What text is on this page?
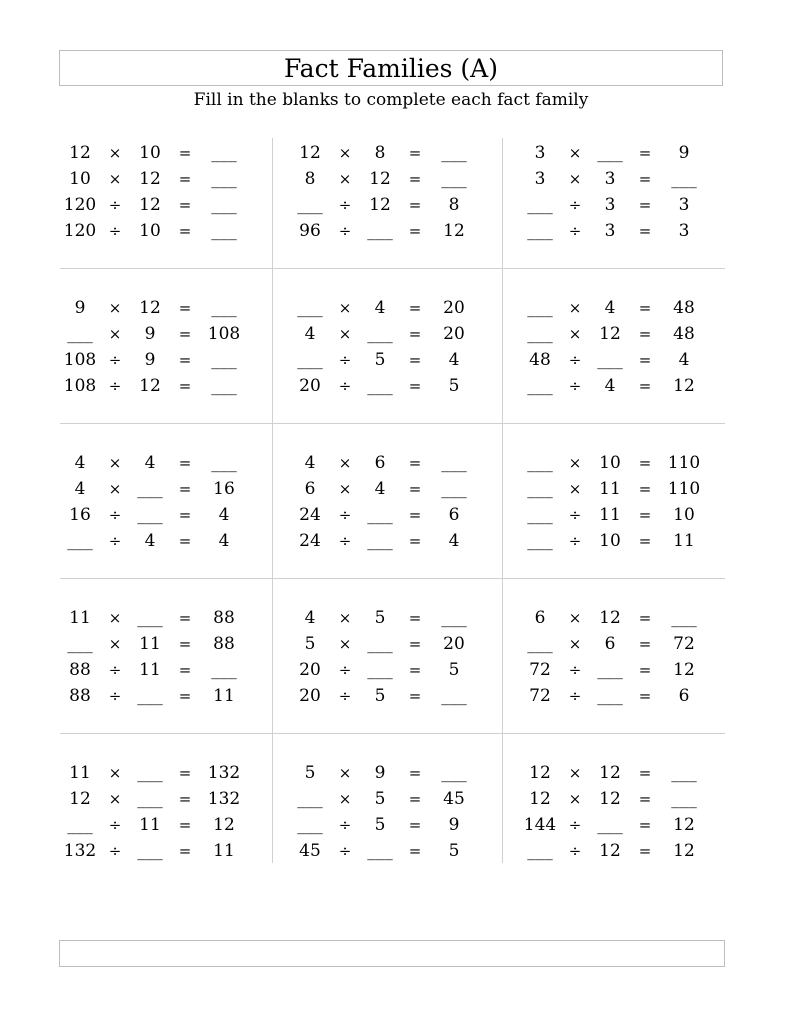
Fact Families (A)
Fill in the blanks to complete each fact family
12	×	10	=	___
10	×	12	=	___
120 ÷	12	=	___
120 ÷	10	=	___
12	×	8	=	___
8	×	12	=	___
___	÷	12	=	8
96	÷ ___	=	12
3	× ___	=	9
3	×	3	=	___
___	÷	3	=	3
___	÷	3	=	3
9	×	12	=	___
___	×	9	= 108
108 ÷	9	=	___
108 ÷	12	=	___
___	×	4	=	20
4	× ___	=	20
___	÷	5	=	4
20	÷ ___	=	5
___	×	4	=	48
___	×	12	=	48
48	÷ ___	=	4
___	÷	4	=	12
4	×	4	=	___
4	× ___	=	16
16	÷ ___	=	4
___	÷	4	=	4
4	×	6	=	___
6	×	4	=	___
24	÷ ___	=	6
24	÷ ___	=	4
___	×	10	= 110
___	×	11	= 110
___	÷	11	=	10
___	÷	10	=	11
11	× ___	=	88
___	×	11	=	88
88	÷	11	=	___
88	÷ ___	=	11
4	×	5	=	___
5	× ___	=	20
20	÷ ___	=	5
20	÷	5	=	___
6	×	12	=	___
___	×	6	=	72
72	÷ ___	=	12
72	÷ ___	=	6
11	× ___	= 132
12	× ___	= 132
___	÷	11	=	12
132 ÷ ___	=	11
5	×	9	=	___
___	×	5	=	45
___	÷	5	=	9
45	÷ ___	=	5
12	×	12	=	___
12	×	12	=	___
144 ÷ ___	=	12
___	÷	12	=	12
